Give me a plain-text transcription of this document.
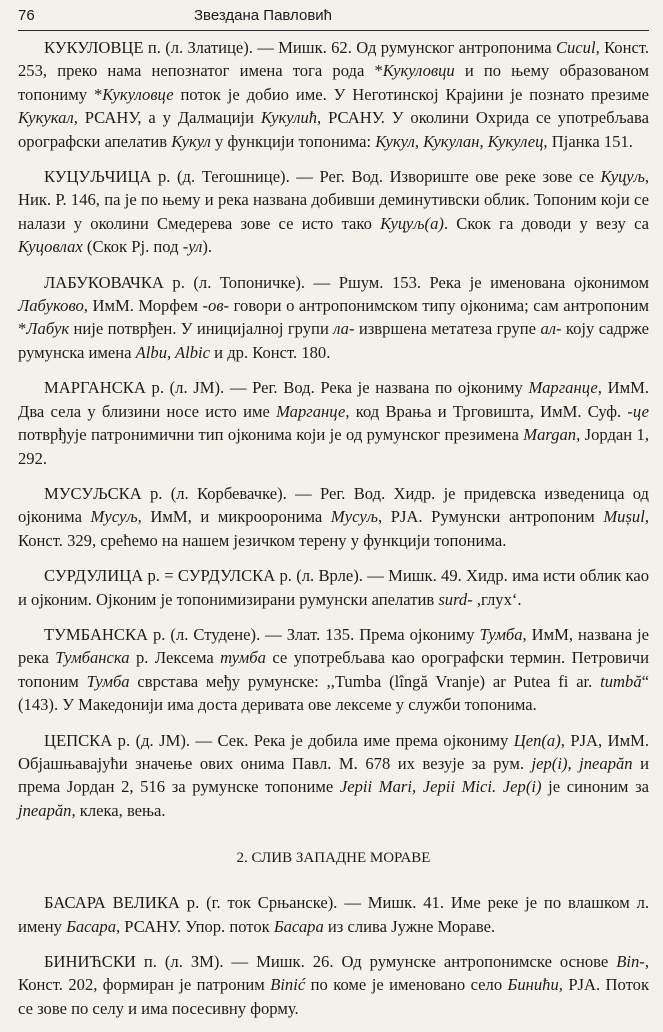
76	Звездана Павловић

КУКУЛОВЦЕ п. (л. Златице). — Мишк. 62. Од румунског антропонима Cucul, Конст. 253, преко нама непознатог имена тога рода *Кукуловци и по њему образованом топониму *Кукуловце поток је добио име. У Неготинској Крајини је познато презиме Кукукал, РСАНУ, а у Далмацији Кукулић, РСАНУ. У околини Охрида се употребљава орографски апелатив Кукул у функцији топонима: Кукул, Кукулан, Кукулец, Пјанка 151.

КУЦУЉЧИЦА р. (д. Тегошнице). — Рег. Вод. Извориште ове реке зове се Куцуљ, Ник. Р. 146, па је по њему и река названа добивши деминутивски облик. Топоним који се налази у околини Смедерева зове се исто тако Куцуљ(а). Скок га доводи у везу са Куцовлах (Скок Рј. под -ул).

ЛАБУКОВАЧКА р. (л. Топоничке). — Ршум. 153. Река је именована ојконимом Лабуково, ИмМ. Морфем -ов- говори о антропонимском типу ојконима; сам антропоним *Лабук није потврђен. У иницијалној групи ла- извршена метатеза групе ал- коју садрже румунска имена Albu, Albic и др. Конст. 180.

МАРГАНСКА р. (л. ЈМ). — Рег. Вод. Река је названа по ојкониму Марганце, ИмМ. Два села у близини носе исто име Марганце, код Врања и Трговишта, ИмМ. Суф. -це потврђује патронимични тип ојконима који је од румунског презимена Margan, Јордан 1, 292.

МУСУЉСКА р. (л. Корбевачке). — Рег. Вод. Хидр. је придевска изведеница од ојконима Мусуљ, ИмМ, и микрооронима Мусуљ, РЈА. Румунски антропоним Mușul, Конст. 329, срећемо на нашем језичком терену у функцији топонима.

СУРДУЛИЦА р. = СУРДУЛСКА р. (л. Врле). — Мишк. 49. Хидр. има исти облик као и ојконим. Ојконим је топонимизирани румунски апелатив surd- ,глух‘.

ТУМБАНСКА р. (л. Студене). — Злат. 135. Према ојкониму Тумба, ИмМ, названа је река Тумбанска р. Лексема тумба се употребљава као орографски термин. Петровичи топоним Тумба сврстава међу румунске: ,,Tumba (lîngă Vranje) ar Putea fi ar. tumbă“ (143). У Македонији има доста деривата ове лексеме у служби топонима.

ЦЕПСКА р. (д. ЈМ). — Сек. Река је добила име према ојкониму Цеп(а), РЈА, ИмМ. Објашњавајући значење ових онима Павл. М. 678 их везује за рум. jep(i), jneapăn и према Јордан 2, 516 за румунске топониме Jepii Mari, Jepii Mici. Jep(i) је синоним за jneapăn, клека, вења.

2. СЛИВ ЗАПАДНЕ МОРАВЕ

БАСАРА ВЕЛИКА р. (г. ток Срњанске). — Мишк. 41. Име реке је по влашком л. имену Басара, РСАНУ. Упор. поток Басара из слива Јужне Мораве.

БИНИЋСКИ п. (л. ЗМ). — Мишк. 26. Од румунске антропонимске основе Bin-, Конст. 202, формиран је патроним Binić по коме је именовано село Бинићи, РЈА. Поток се зове по селу и има посесивну форму.
